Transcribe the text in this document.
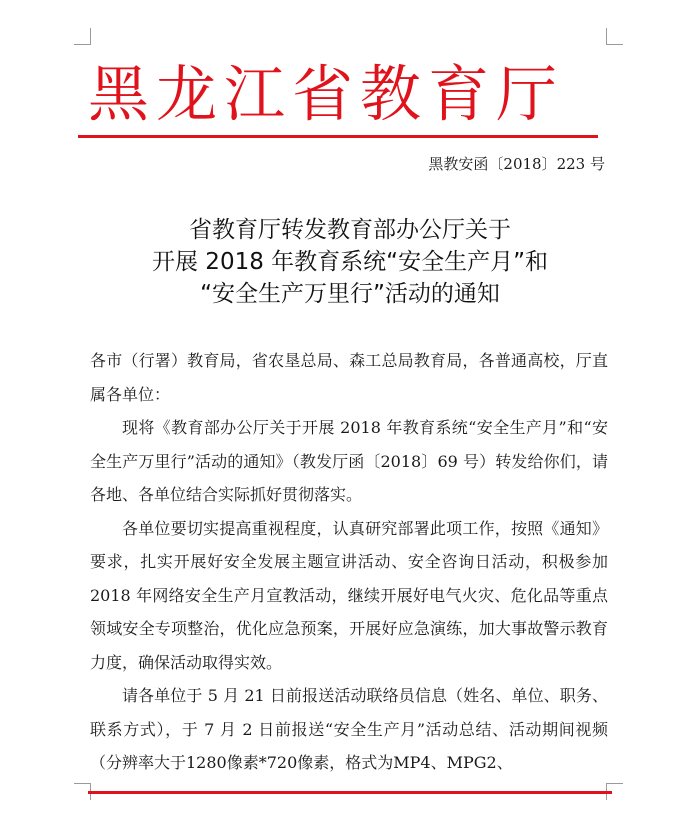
黑龙江省教育厅
黑教安函〔2018〕223 号
省教育厅转发教育部办公厅关于
开展 2018 年教育系统“安全生产月”和
“安全生产万里行”活动的通知
各市（行署）教育局，省农垦总局、森工总局教育局，各普通高校，厅直属各单位：
现将《教育部办公厅关于开展 2018 年教育系统“安全生产月”和“安全生产万里行”活动的通知》（教发厅函〔2018〕69 号）转发给你们，请各地、各单位结合实际抓好贯彻落实。
各单位要切实提高重视程度，认真研究部署此项工作，按照《通知》要求，扎实开展好安全发展主题宣讲活动、安全咨询日活动，积极参加 2018 年网络安全生产月宣教活动，继续开展好电气火灾、危化品等重点领域安全专项整治，优化应急预案，开展好应急演练，加大事故警示教育力度，确保活动取得实效。
请各单位于 5 月 21 日前报送活动联络员信息（姓名、单位、职务、联系方式），于 7 月 2 日前报送“安全生产月”活动总结、活动期间视频（分辨率大于1280像素*720像素，格式为MP4、MPG2、
